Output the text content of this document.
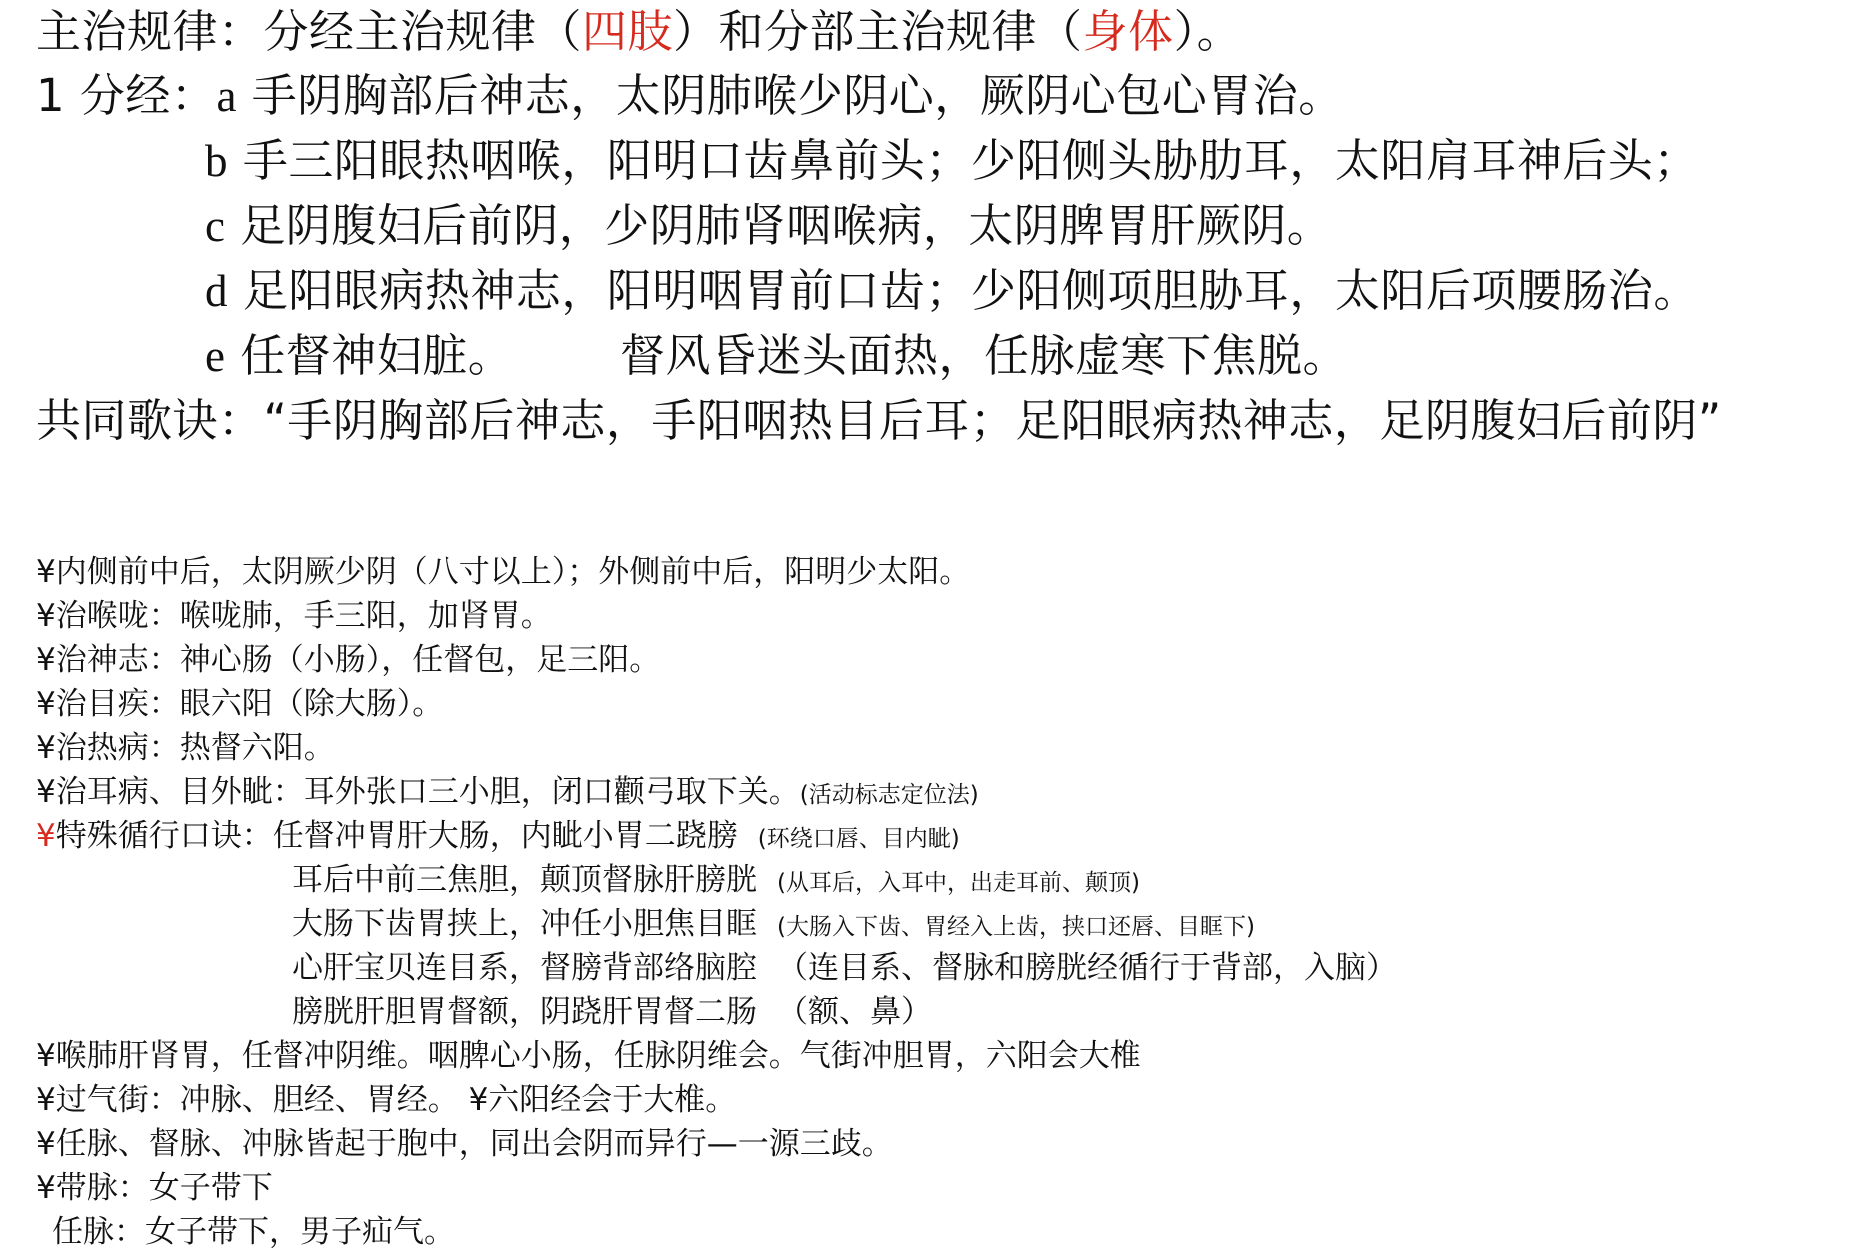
主治规律：分经主治规律（四肢）和分部主治规律（身体）。
1 分经：a 手阴胸部后神志，太阴肺喉少阴心，厥阴心包心胃治。
b 手三阳眼热咽喉，阳明口齿鼻前头；少阳侧头胁肋耳，太阳肩耳神后头；
c 足阴腹妇后前阴，少阴肺肾咽喉病，太阴脾胃肝厥阴。
d 足阳眼病热神志，阳明咽胃前口齿；少阳侧项胆胁耳，太阳后项腰肠治。
e 任督神妇脏。 督风昏迷头面热，任脉虚寒下焦脱。
共同歌诀：“手阴胸部后神志，手阳咽热目后耳；足阳眼病热神志，足阴腹妇后前阴”
¥内侧前中后，太阴厥少阴（八寸以上）；外侧前中后，阳明少太阳。
¥治喉咙：喉咙肺，手三阳，加肾胃。
¥治神志：神心肠（小肠），任督包，足三阳。
¥治目疾：眼六阳（除大肠）。
¥治热病：热督六阳。
¥治耳病、目外眦：耳外张口三小胆，闭口颧弓取下关。(活动标志定位法)
¥特殊循行口诀：任督冲胃肝大肠，内眦小胃二跷膀 (环绕口唇、目内眦)
耳后中前三焦胆，颠顶督脉肝膀胱 (从耳后，入耳中，出走耳前、颠顶)
大肠下齿胃挟上，冲任小胆焦目眶 (大肠入下齿、胃经入上齿，挟口还唇、目眶下)
心肝宝贝连目系，督膀背部络脑腔 （连目系、督脉和膀胱经循行于背部，入脑）
膀胱肝胆胃督额，阴跷肝胃督二肠 （额、鼻）
¥喉肺肝肾胃，任督冲阴维。咽脾心小肠，任脉阴维会。气街冲胆胃，六阳会大椎
¥过气街：冲脉、胆经、胃经。 ¥六阳经会于大椎。
¥任脉、督脉、冲脉皆起于胞中，同出会阴而异行—一源三歧。
¥带脉：女子带下
任脉：女子带下，男子疝气。
